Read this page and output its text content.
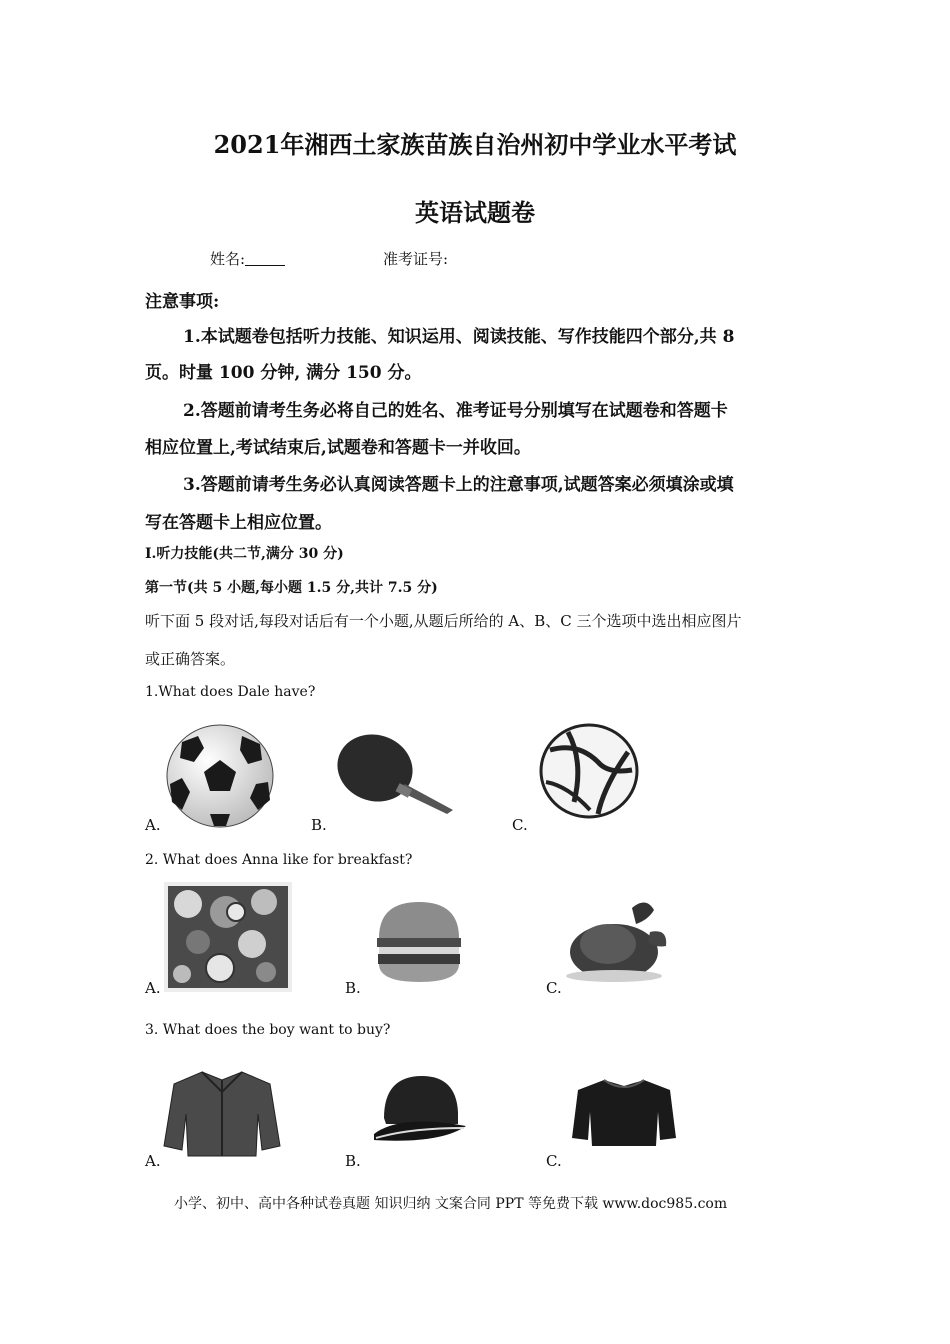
2021年湘西土家族苗族自治州初中学业水平考试
英语试题卷
姓名:	准考证号:
注意事项:
1.本试题卷包括听力技能、知识运用、阅读技能、写作技能四个部分,共 8
页。时量 100 分钟, 满分 150 分。
2.答题前请考生务必将自己的姓名、准考证号分别填写在试题卷和答题卡
相应位置上,考试结束后,试题卷和答题卡一并收回。
3.答题前请考生务必认真阅读答题卡上的注意事项,试题答案必须填涂或填
写在答题卡上相应位置。
I.听力技能(共二节,满分 30 分)
第一节(共 5 小题,每小题 1.5 分,共计 7.5 分)
听下面 5 段对话,每段对话后有一个小题,从题后所给的 A、B、C 三个选项中选出相应图片
或正确答案。
1.What does Dale have?
A.	B.	C.
2. What does Anna like for breakfast?
A.	B.	C.
3. What does the boy want to buy?
A.	B.	C.
小学、初中、高中各种试卷真题 知识归纳 文案合同 PPT 等免费下载 www.doc985.com
